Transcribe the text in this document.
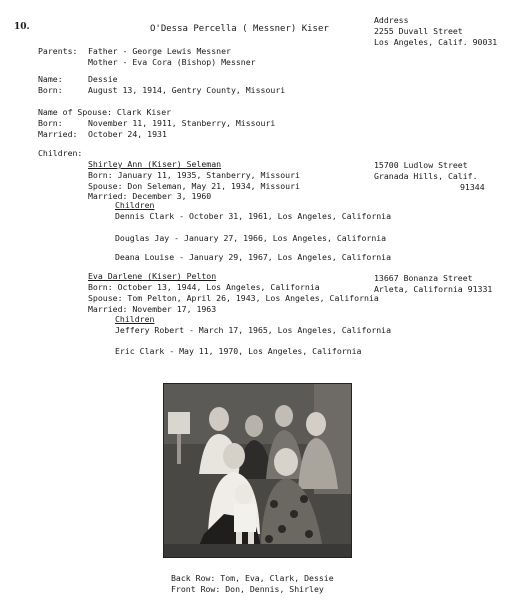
10.	O'Dessa Percella ( Messner) Kiser
Address
2255 Duvall Street
Los Angeles, Calif. 90031
Parents: Father - George Lewis Messner
Mother - Eva Cora (Bishop) Messner
Name:	Dessie
Born:	August 13, 1914, Gentry County, Missouri
Name of Spouse: Clark Kiser
Born:	November 11, 1911, Stanberry, Missouri
Married: October 24, 1931
Children:
Shirley Ann (Kiser) Seleman
Born: January 11, 1935, Stanberry, Missouri
Spouse: Don Seleman, May 21, 1934, Missouri
Married: December 3, 1960
15700 Ludlow Street
Granada Hills, Calif.
91344
Children
Dennis Clark - October 31, 1961, Los Angeles, California
Douglas Jay - January 27, 1966, Los Angeles, California
Deana Louise - January 29, 1967, Los Angeles, California
Eva Darlene (Kiser) Pelton
Born: October 13, 1944, Los Angeles, California
Spouse: Tom Pelton, April 26, 1943, Los Angeles, California
Married: November 17, 1963
13667 Bonanza Street
Arleta, California 91331
Children
Jeffery Robert - March 17, 1965, Los Angeles, California
Eric Clark - May 11, 1970, Los Angeles, California
Back Row: Tom, Eva, Clark, Dessie
Front Row: Don, Dennis, Shirley
